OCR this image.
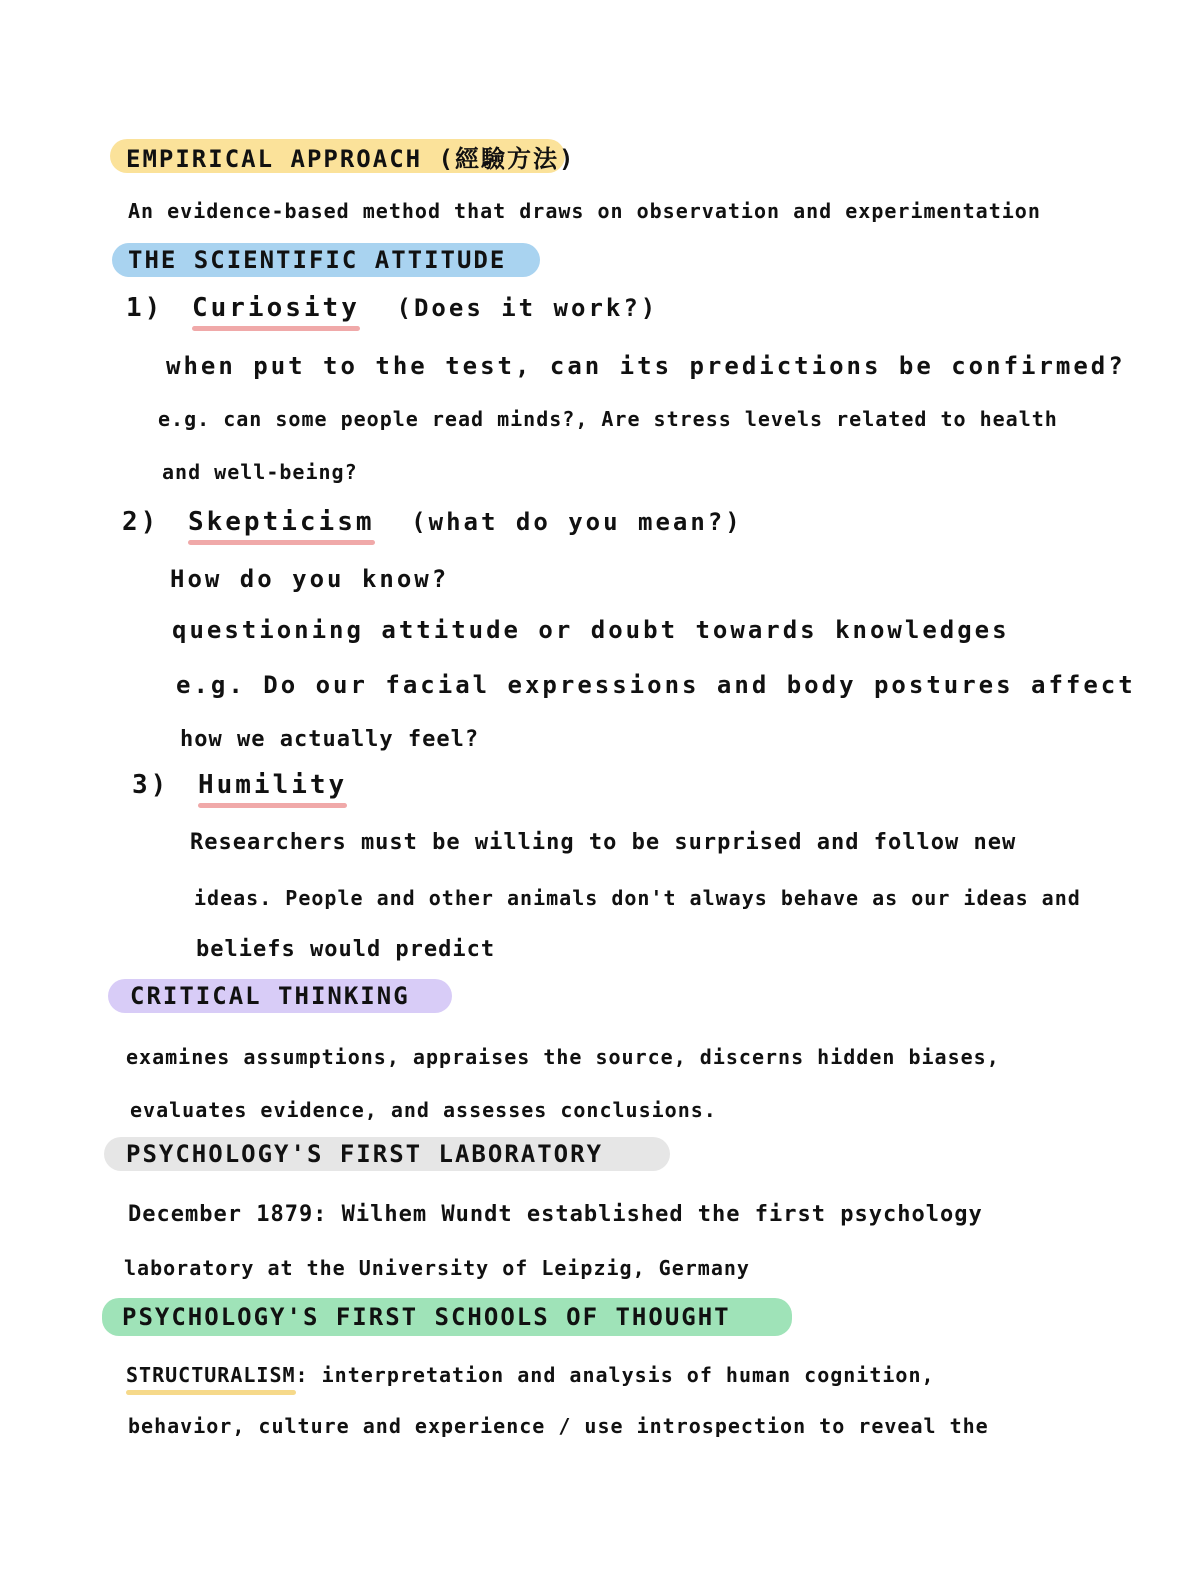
EMPIRICAL APPROACH (經驗方法)
An evidence-based method that draws on observation and experimentation
THE SCIENTIFIC ATTITUDE
1) Curiosity (Does it work?)
when put to the test, can its predictions be confirmed?
e.g. can some people read minds?, Are stress levels related to health
and well-being?
2) Skepticism (what do you mean?)
How do you know?
questioning attitude or doubt towards knowledges
e.g. Do our facial expressions and body postures affect
how we actually feel?
3) Humility
Researchers must be willing to be surprised and follow new
ideas. People and other animals don't always behave as our ideas and
beliefs would predict
CRITICAL THINKING
examines assumptions, appraises the source, discerns hidden biases,
evaluates evidence, and assesses conclusions.
PSYCHOLOGY'S FIRST LABORATORY
December 1879: Wilhem Wundt established the first psychology
laboratory at the University of Leipzig, Germany
PSYCHOLOGY'S FIRST SCHOOLS OF THOUGHT
STRUCTURALISM
: interpretation and analysis of human cognition,
behavior, culture and experience / use introspection to reveal the
